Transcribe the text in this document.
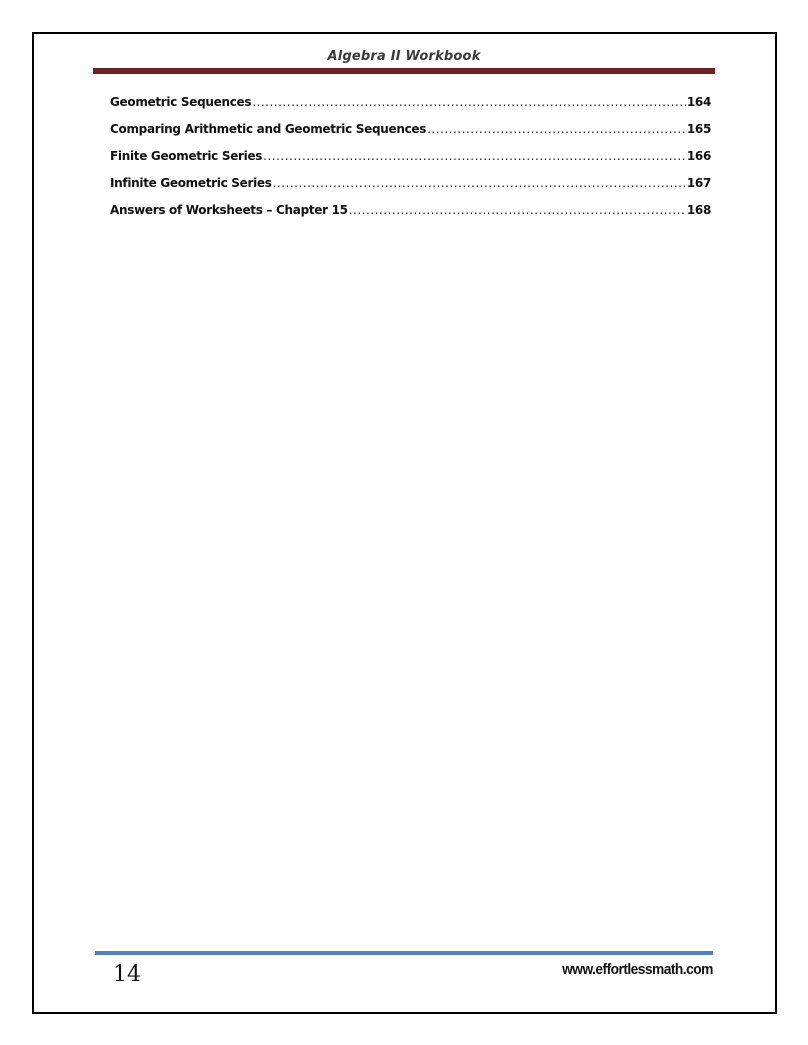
Algebra II Workbook
Geometric Sequences .....	164
Comparing Arithmetic and Geometric Sequences .....	165
Finite Geometric Series .....	166
Infinite Geometric Series .....	167
Answers of Worksheets – Chapter 15 .....	168
14	www.effortlessmath.com
